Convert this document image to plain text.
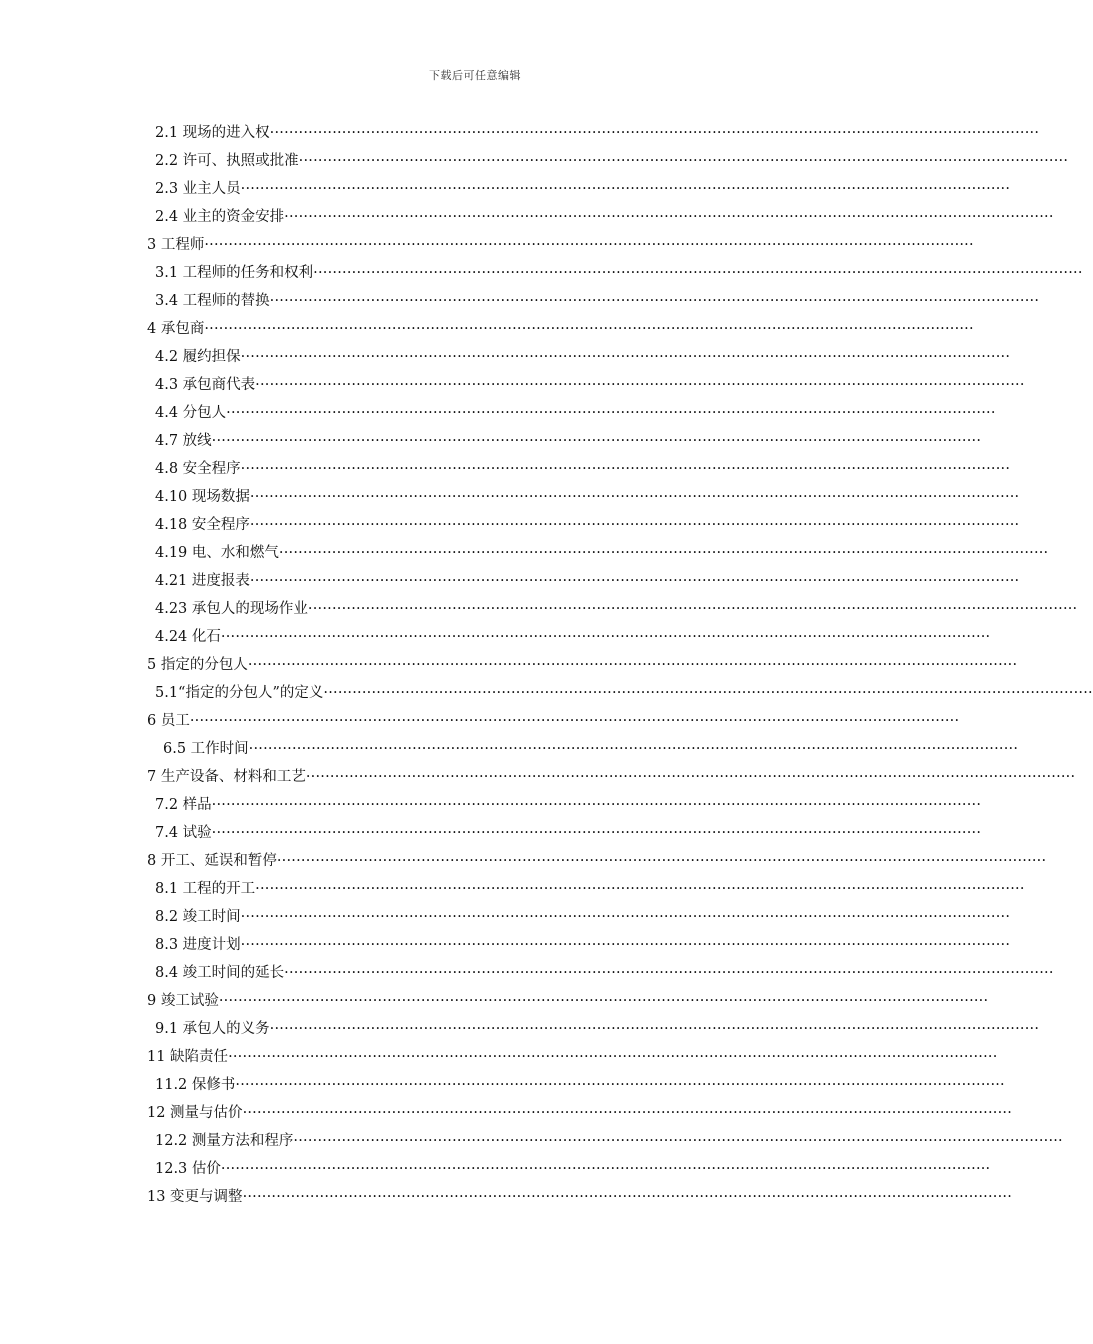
下载后可任意编辑
2.1 现场的进入权································································································································································
2.2 许可、执照或批准································································································································································
2.3 业主人员································································································································································
2.4 业主的资金安排································································································································································
3 工程师································································································································································
3.1 工程师的任务和权利································································································································································
3.4 工程师的替换································································································································································
4 承包商································································································································································
4.2 履约担保································································································································································
4.3 承包商代表································································································································································
4.4 分包人································································································································································
4.7 放线································································································································································
4.8 安全程序································································································································································
4.10 现场数据································································································································································
4.18 安全程序································································································································································
4.19 电、水和燃气································································································································································
4.21 进度报表································································································································································
4.23 承包人的现场作业································································································································································
4.24 化石································································································································································
5 指定的分包人································································································································································
5.1“指定的分包人”的定义································································································································································
6 员工································································································································································
6.5 工作时间································································································································································
7 生产设备、材料和工艺································································································································································
7.2 样品································································································································································
7.4 试验································································································································································
8 开工、延误和暂停································································································································································
8.1 工程的开工································································································································································
8.2 竣工时间································································································································································
8.3 进度计划································································································································································
8.4 竣工时间的延长································································································································································
9 竣工试验································································································································································
9.1 承包人的义务································································································································································
11 缺陷责任································································································································································
11.2 保修书································································································································································
12 测量与估价································································································································································
12.2 测量方法和程序································································································································································
12.3 估价································································································································································
13 变更与调整································································································································································
